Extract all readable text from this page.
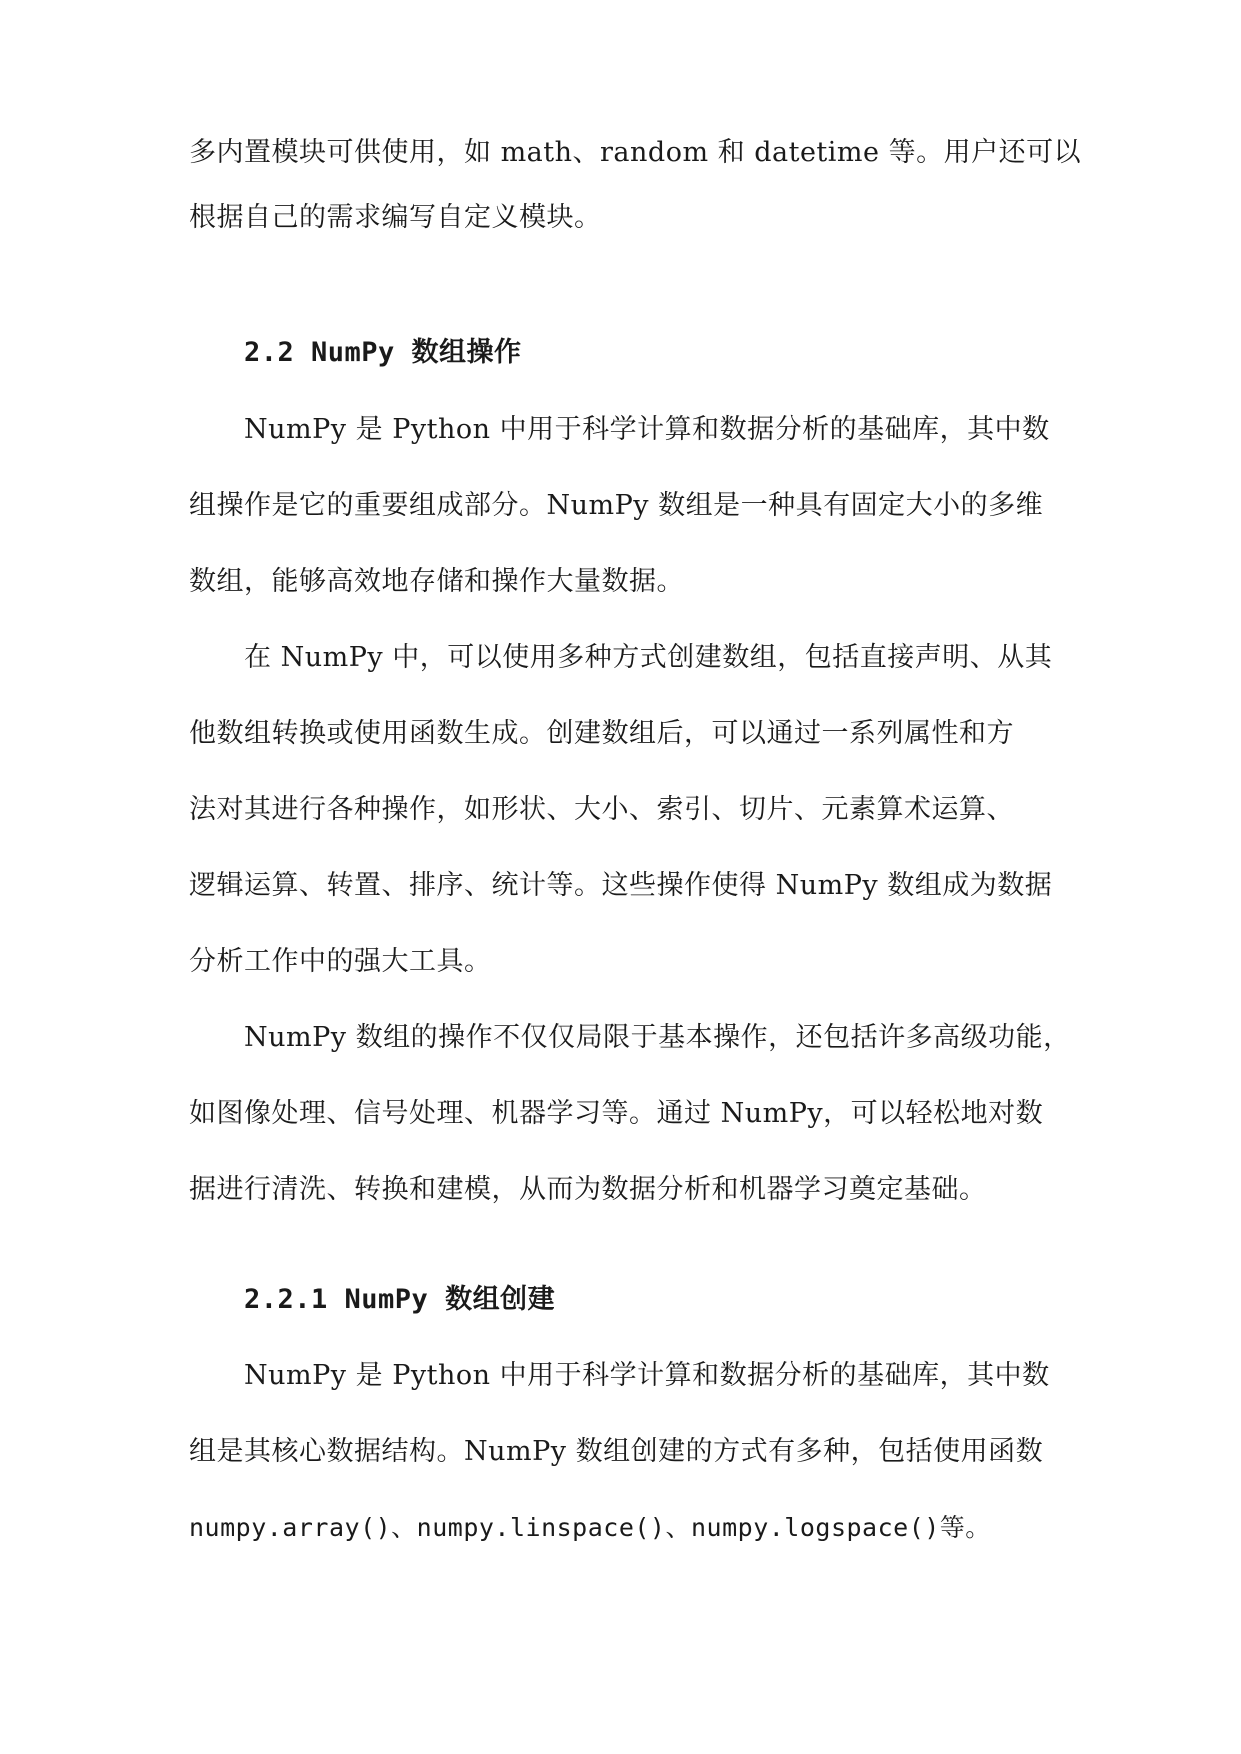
多内置模块可供使用，如 math、random 和 datetime 等。用户还可以
根据自己的需求编写自定义模块。
2.2 NumPy 数组操作
NumPy 是 Python 中用于科学计算和数据分析的基础库，其中数
组操作是它的重要组成部分。NumPy 数组是一种具有固定大小的多维
数组，能够高效地存储和操作大量数据。
在 NumPy 中，可以使用多种方式创建数组，包括直接声明、从其
他数组转换或使用函数生成。创建数组后，可以通过一系列属性和方
法对其进行各种操作，如形状、大小、索引、切片、元素算术运算、
逻辑运算、转置、排序、统计等。这些操作使得 NumPy 数组成为数据
分析工作中的强大工具。
NumPy 数组的操作不仅仅局限于基本操作，还包括许多高级功能，
如图像处理、信号处理、机器学习等。通过 NumPy，可以轻松地对数
据进行清洗、转换和建模，从而为数据分析和机器学习奠定基础。
2.2.1 NumPy 数组创建
NumPy 是 Python 中用于科学计算和数据分析的基础库，其中数
组是其核心数据结构。NumPy 数组创建的方式有多种，包括使用函数
numpy.array()、numpy.linspace()、numpy.logspace()等。
